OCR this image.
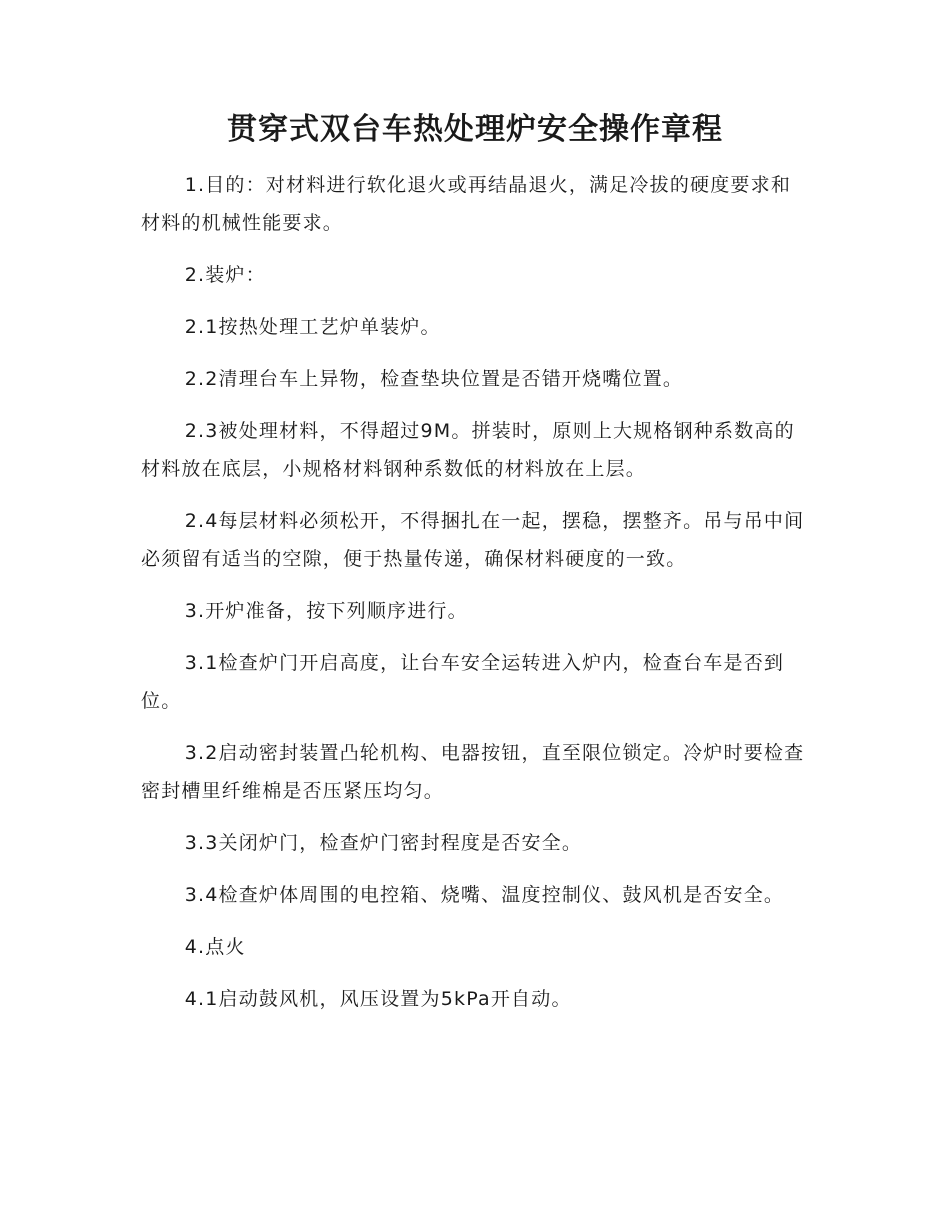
贯穿式双台车热处理炉安全操作章程

1.目的：对材料进行软化退火或再结晶退火，满足冷拔的硬度要求和材料的机械性能要求。

2.装炉：

2.1按热处理工艺炉单装炉。

2.2清理台车上异物，检查垫块位置是否错开烧嘴位置。

2.3被处理材料，不得超过9M。拼装时，原则上大规格钢种系数高的材料放在底层，小规格材料钢种系数低的材料放在上层。

2.4每层材料必须松开，不得捆扎在一起，摆稳，摆整齐。吊与吊中间必须留有适当的空隙，便于热量传递，确保材料硬度的一致。

3.开炉准备，按下列顺序进行。

3.1检查炉门开启高度，让台车安全运转进入炉内，检查台车是否到位。

3.2启动密封装置凸轮机构、电器按钮，直至限位锁定。冷炉时要检查密封槽里纤维棉是否压紧压均匀。

3.3关闭炉门，检查炉门密封程度是否安全。

3.4检查炉体周围的电控箱、烧嘴、温度控制仪、鼓风机是否安全。

4.点火

4.1启动鼓风机，风压设置为5kPa开自动。
